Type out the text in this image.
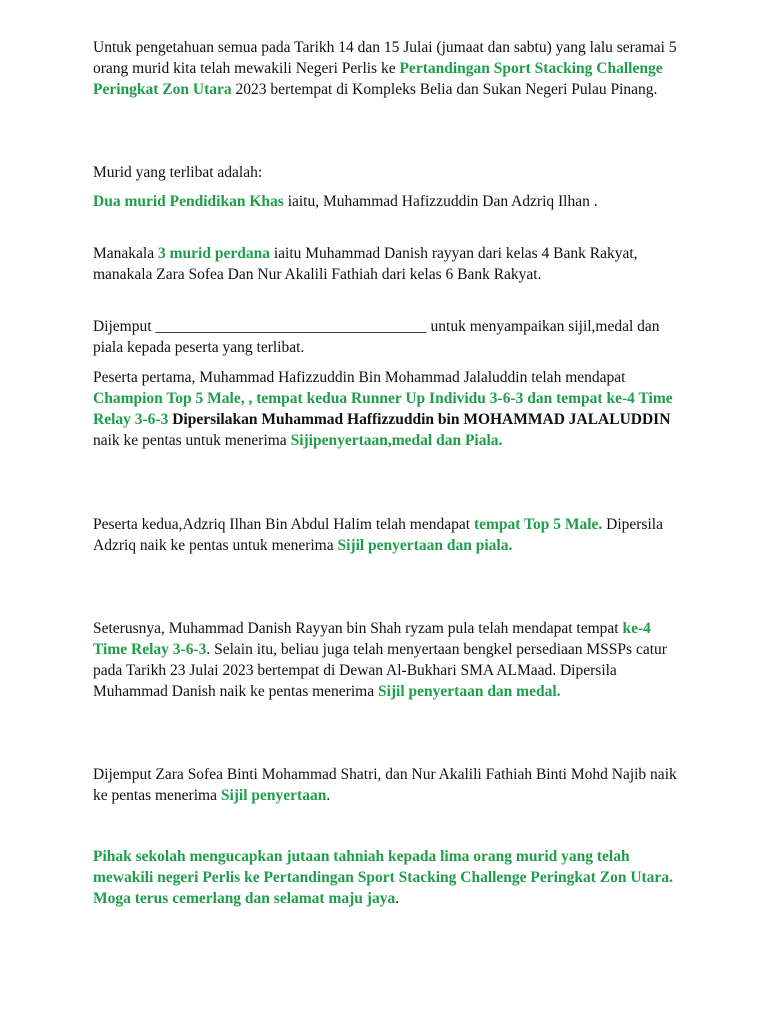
Untuk pengetahuan semua pada Tarikh 14 dan 15 Julai (jumaat dan sabtu) yang lalu seramai 5 orang murid kita telah mewakili Negeri Perlis ke Pertandingan Sport Stacking Challenge Peringkat Zon Utara 2023 bertempat di Kompleks Belia dan Sukan Negeri Pulau Pinang.

Murid yang terlibat adalah:

Dua murid Pendidikan Khas iaitu, Muhammad Hafizzuddin Dan Adzriq Ilhan .

Manakala 3 murid perdana iaitu Muhammad Danish rayyan dari kelas 4 Bank Rakyat, manakala Zara Sofea Dan Nur Akalili Fathiah dari kelas 6 Bank Rakyat.

Dijemput ___________________________________ untuk menyampaikan sijil,medal dan piala kepada peserta yang terlibat.

Peserta pertama, Muhammad Hafizzuddin Bin Mohammad Jalaluddin telah mendapat Champion Top 5 Male, , tempat kedua Runner Up Individu 3-6-3 dan tempat ke-4 Time Relay 3-6-3 Dipersilakan Muhammad Haffizzuddin bin MOHAMMAD JALALUDDIN naik ke pentas untuk menerima Sijipenyertaan,medal dan Piala.

Peserta kedua,Adzriq Ilhan Bin Abdul Halim telah mendapat tempat Top 5 Male. Dipersila Adzriq naik ke pentas untuk menerima Sijil penyertaan dan piala.

Seterusnya, Muhammad Danish Rayyan bin Shah ryzam pula telah mendapat tempat ke-4 Time Relay 3-6-3. Selain itu, beliau juga telah menyertaan bengkel persediaan MSSPs catur pada Tarikh 23 Julai 2023 bertempat di Dewan Al-Bukhari SMA ALMaad. Dipersila Muhammad Danish naik ke pentas menerima Sijil penyertaan dan medal.

Dijemput Zara Sofea Binti Mohammad Shatri, dan Nur Akalili Fathiah Binti Mohd Najib naik ke pentas menerima Sijil penyertaan.

Pihak sekolah mengucapkan jutaan tahniah kepada lima orang murid yang telah mewakili negeri Perlis ke Pertandingan Sport Stacking Challenge Peringkat Zon Utara. Moga terus cemerlang dan selamat maju jaya.
